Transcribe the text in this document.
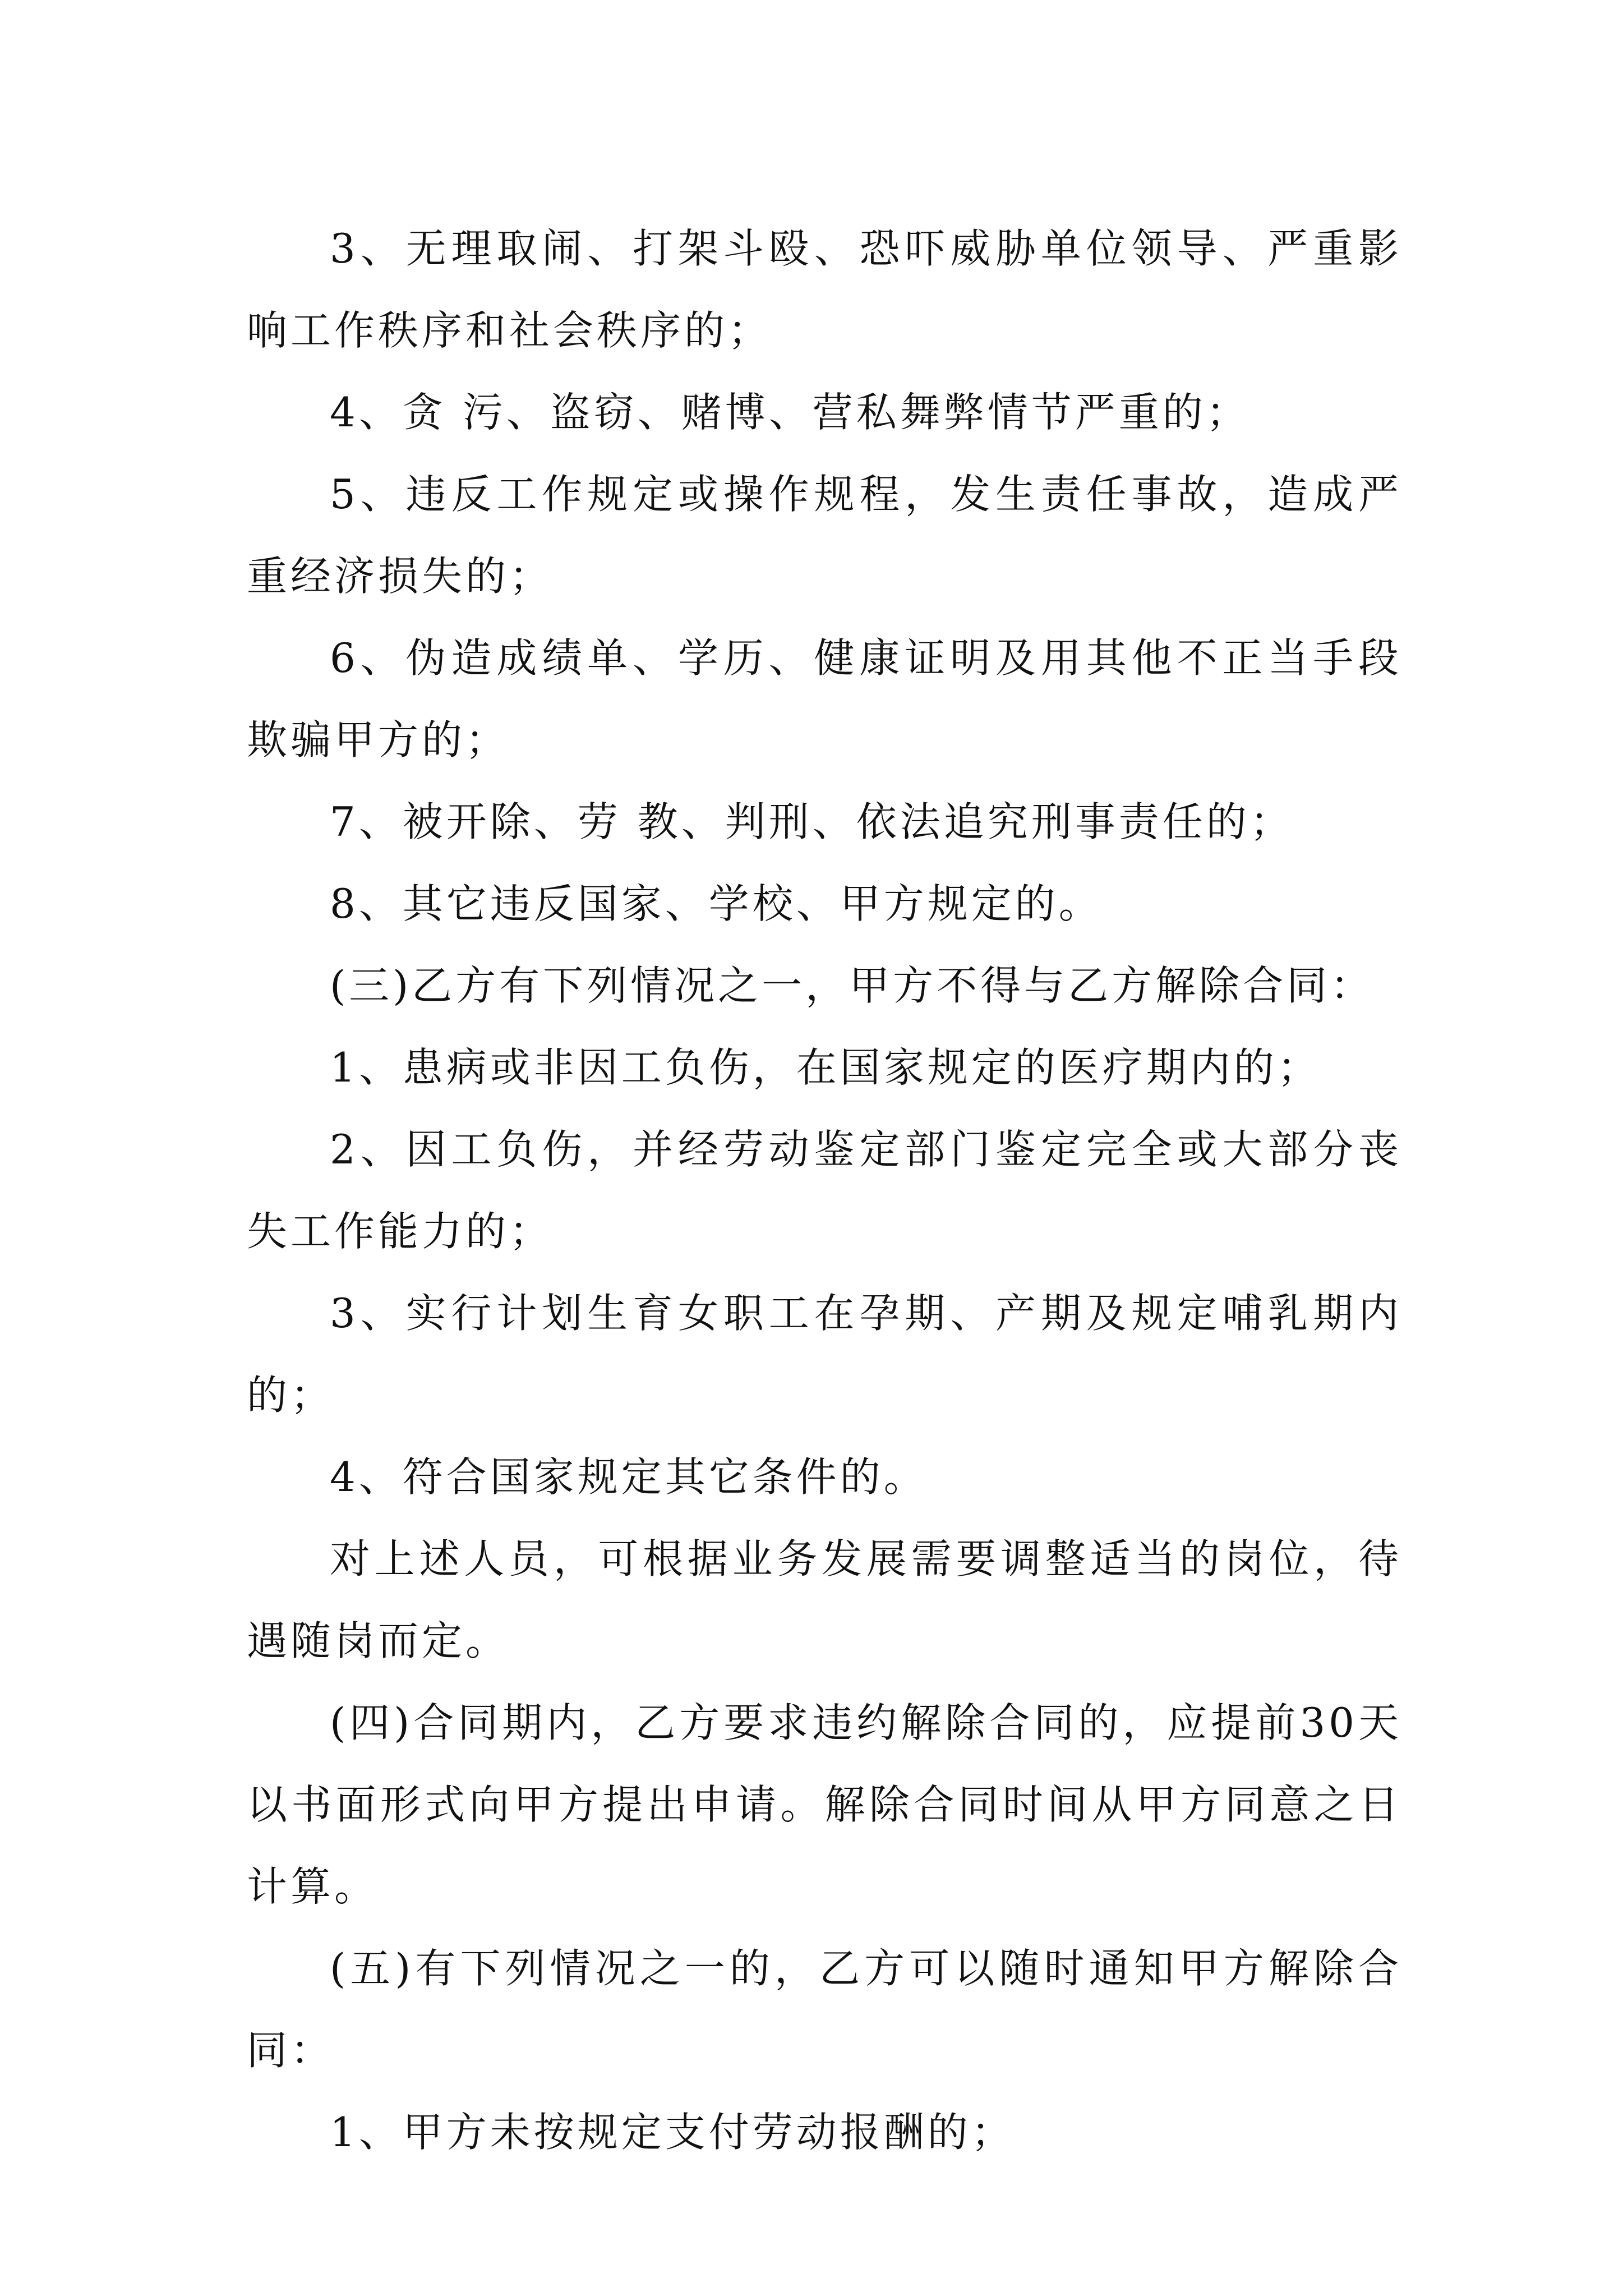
3、无理取闹、打架斗殴、恐吓威胁单位领导、严重影响工作秩序和社会秩序的；

4、贪 污、盗窃、赌博、营私舞弊情节严重的；

5、违反工作规定或操作规程，发生责任事故，造成严重经济损失的；

6、伪造成绩单、学历、健康证明及用其他不正当手段欺骗甲方的；

7、被开除、劳 教、判刑、依法追究刑事责任的；

8、其它违反国家、学校、甲方规定的。

(三)乙方有下列情况之一，甲方不得与乙方解除合同：

1、患病或非因工负伤，在国家规定的医疗期内的；

2、因工负伤，并经劳动鉴定部门鉴定完全或大部分丧失工作能力的；

3、实行计划生育女职工在孕期、产期及规定哺乳期内的；

4、符合国家规定其它条件的。

对上述人员，可根据业务发展需要调整适当的岗位，待遇随岗而定。

(四)合同期内，乙方要求违约解除合同的，应提前30天以书面形式向甲方提出申请。解除合同时间从甲方同意之日计算。

(五)有下列情况之一的，乙方可以随时通知甲方解除合同：

1、甲方未按规定支付劳动报酬的；
